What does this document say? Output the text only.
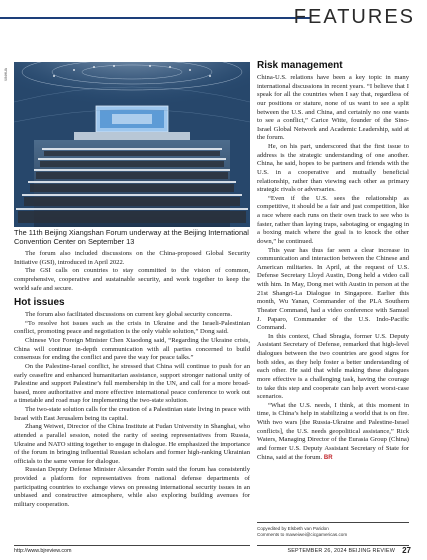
FEATURES
XINHUA
The 11th Beijing Xiangshan Forum underway at the Beijing International Convention Center on September 13

The forum also included discussions on the China-proposed Global Security Initiative (GSI), introduced in April 2022.

The GSI calls on countries to stay committed to the vision of common, comprehensive, cooperative and sustainable security, and work together to keep the world safe and secure.

Hot issues

The forum also facilitated discussions on current key global security concerns.

“To resolve hot issues such as the crisis in Ukraine and the Israeli-Palestinian conflict, promoting peace and negotiation is the only viable solution,” Dong said.

Chinese Vice Foreign Minister Chen Xiaodong said, “Regarding the Ukraine crisis, China will continue in-depth communication with all parties concerned to build consensus for ending the conflict and pave the way for peace talks.”

On the Palestine-Israel conflict, he stressed that China will continue to push for an early ceasefire and enhanced humanitarian assistance, support stronger national unity of Palestine and support Palestine’s full membership in the UN, and call for a more broad-based, more authoritative and more effective international peace conference to work out a timetable and road map for implementing the two-state solution.

The two-state solution calls for the creation of a Palestinian state living in peace with Israel with East Jerusalem being its capital.

Zhang Weiwei, Director of the China Institute at Fudan University in Shanghai, who attended a parallel session, noted the rarity of seeing representatives from Russia, Ukraine and NATO sitting together to engage in dialogue. He emphasized the importance of the forum in bringing influential Russian scholars and former high-ranking Ukrainian officials to the same venue for dialogue.

Russian Deputy Defense Minister Alexander Fomin said the forum has consistently provided a platform for representatives from national defense departments of participating countries to exchange views on pressing international security issues in an unbiased and constructive atmosphere, while also exploring building avenues for military cooperation.

Risk management

China-U.S. relations have been a key topic in many international discussions in recent years. “I believe that I speak for all the countries when I say that, regardless of our positions or stature, none of us want to see a split between the U.S. and China, and certainly no one wants to see a conflict,” Carice Witte, founder of the Sino-Israel Global Network and Academic Leadership, said at the forum.

He, on his part, underscored that the first issue to address is the strategic understanding of one another. China, he said, hopes to be partners and friends with the U.S. in a cooperative and mutually beneficial relationship, rather than viewing each other as primary strategic rivals or adversaries.

“Even if the U.S. sees the relationship as competitive, it should be a fair and just competition, like a race where each runs on their own track to see who is faster, rather than laying traps, sabotaging or engaging in a boxing match where the goal is to knock the other down,” he continued.

This year has thus far seen a clear increase in communication and interaction between the Chinese and American militaries. In April, at the request of U.S. Defense Secretary Lloyd Austin, Dong held a video call with him. In May, Dong met with Austin in person at the 21st Shangri-La Dialogue in Singapore. Earlier this month, Wu Yanan, Commander of the PLA Southern Theater Command, had a video conference with Samuel J. Paparo, Commander of the U.S. Indo-Pacific Command.

In this context, Chad Sbragia, former U.S. Deputy Assistant Secretary of Defense, remarked that high-level dialogues between the two countries are good signs for both sides, as they help foster a better understanding of each other. He said that while making these dialogues more effective is a challenging task, having the courage to take this step and cooperate can help avert worst-case scenarios.

“What the U.S. needs, I think, at this moment in time, is China’s help in stabilizing a world that is on fire. With two wars [the Russia-Ukraine and Palestine-Israel conflicts], the U.S. needs geopolitical assistance,” Rick Waters, Managing Director of the Eurasia Group (China) and former U.S. Deputy Assistant Secretary of State for China, said at the forum. BR

Copyedited by Elsbeth van Paridon
Comments to maweiwei@cicgamericas.com
http://www.bjreview.com	SEPTEMBER 26, 2024 BEIJING REVIEW 27
